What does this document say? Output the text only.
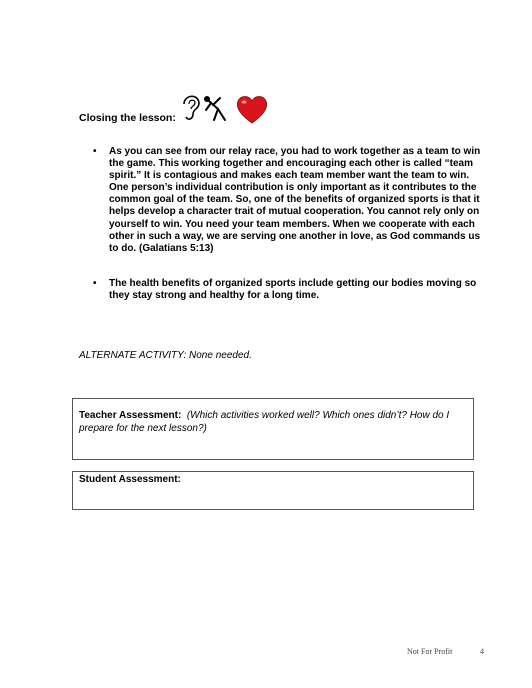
Closing the lesson:
• As you can see from our relay race, you had to work together as a team to win the game. This working together and encouraging each other is called “team spirit.” It is contagious and makes each team member want the team to win. One person’s individual contribution is only important as it contributes to the common goal of the team. So, one of the benefits of organized sports is that it helps develop a character trait of mutual cooperation. You cannot rely only on yourself to win. You need your team members. When we cooperate with each other in such a way, we are serving one another in love, as God commands us to do. (Galatians 5:13)
• The health benefits of organized sports include getting our bodies moving so they stay strong and healthy for a long time.
ALTERNATE ACTIVITY: None needed.
Teacher Assessment: (Which activities worked well? Which ones didn’t? How do I prepare for the next lesson?)
Student Assessment:
Not For Profit	4
